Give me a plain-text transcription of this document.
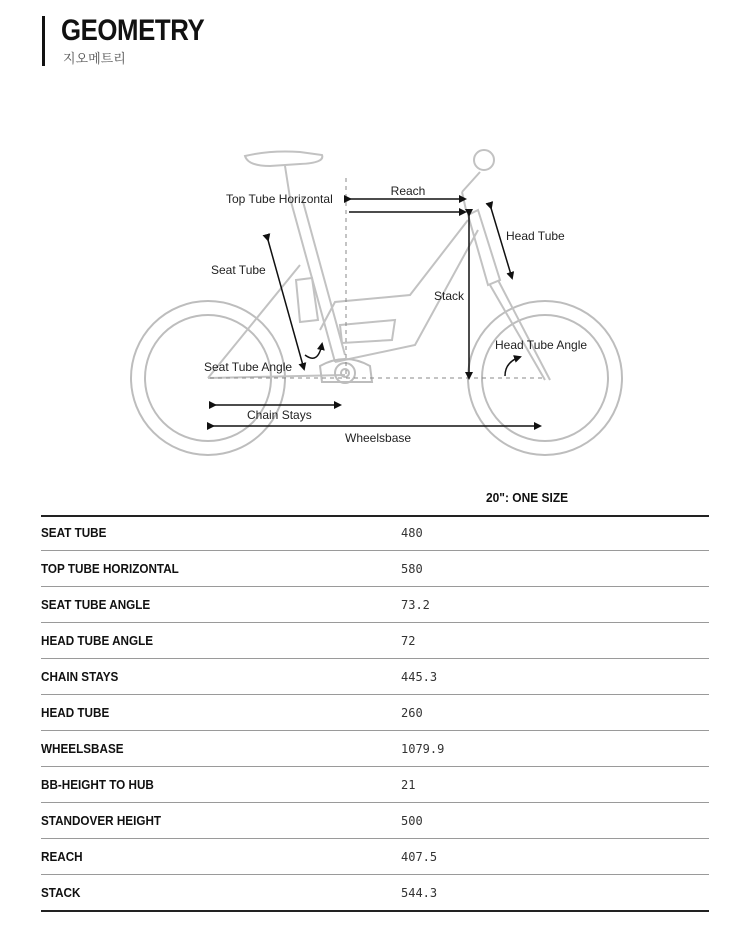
GEOMETRY
지오메트리
Reach
Top Tube Horizontal
Head Tube
Seat Tube
Stack
Head Tube Angle
Seat Tube Angle
Chain Stays
Wheelsbase
20": ONE SIZE
SEAT TUBE	480
TOP TUBE HORIZONTAL	580
SEAT TUBE ANGLE	73.2
HEAD TUBE ANGLE	72
CHAIN STAYS	445.3
HEAD TUBE	260
WHEELSBASE	1079.9
BB-HEIGHT TO HUB	21
STANDOVER HEIGHT	500
REACH	407.5
STACK	544.3
